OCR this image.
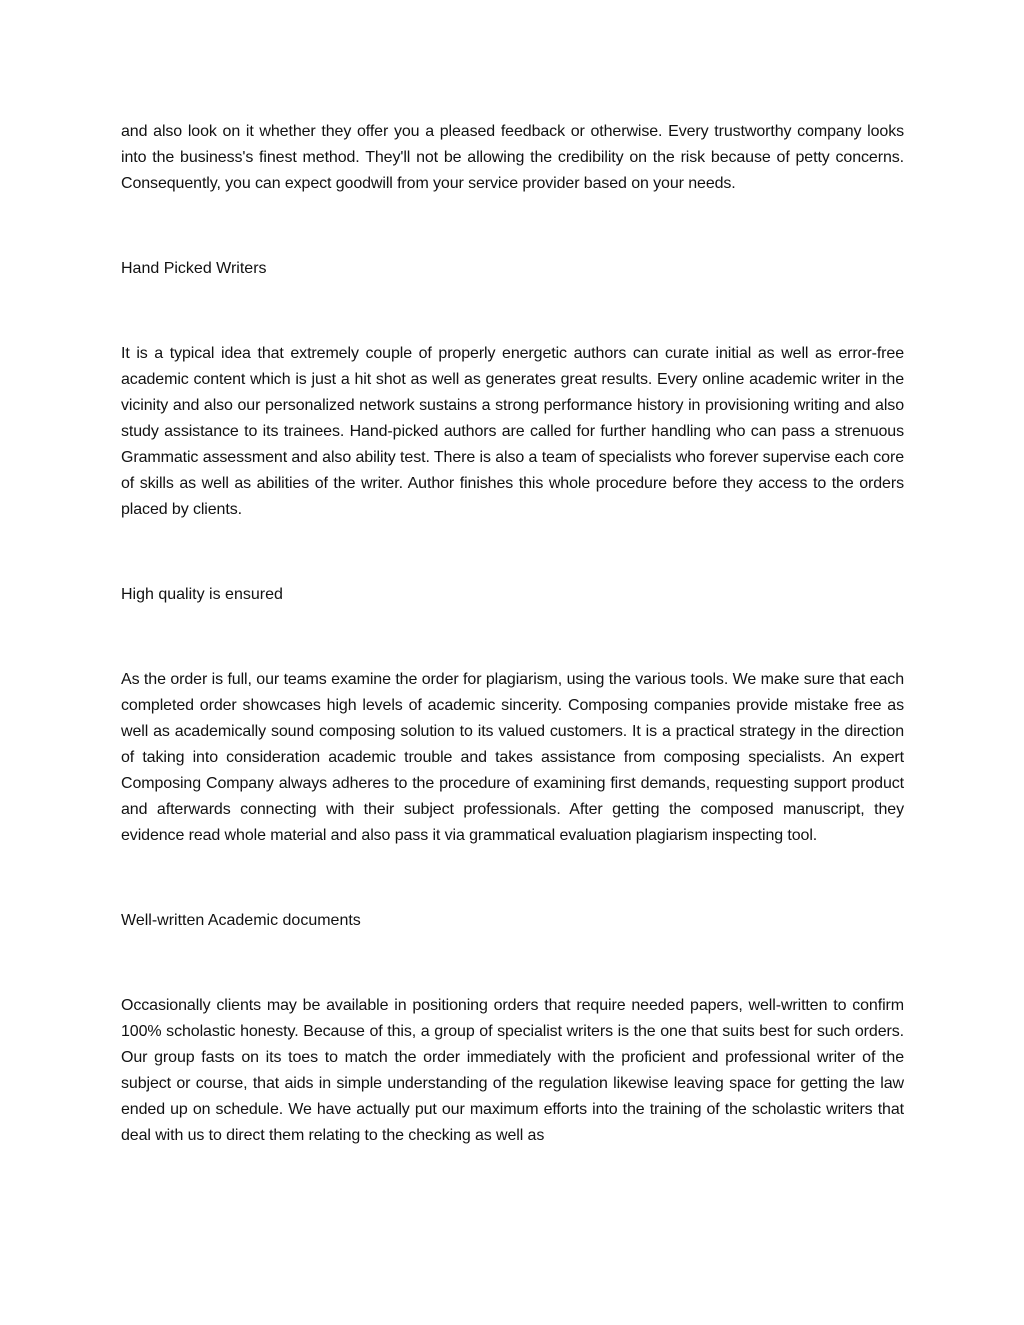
and also look on it whether they offer you a pleased feedback or otherwise. Every trustworthy company looks into the business's finest method. They'll not be allowing the credibility on the risk because of petty concerns. Consequently, you can expect goodwill from your service provider based on your needs.

Hand Picked Writers

It is a typical idea that extremely couple of properly energetic authors can curate initial as well as error-free academic content which is just a hit shot as well as generates great results. Every online academic writer in the vicinity and also our personalized network sustains a strong performance history in provisioning writing and also study assistance to its trainees. Hand-picked authors are called for further handling who can pass a strenuous Grammatic assessment and also ability test. There is also a team of specialists who forever supervise each core of skills as well as abilities of the writer. Author finishes this whole procedure before they access to the orders placed by clients.

High quality is ensured

As the order is full, our teams examine the order for plagiarism, using the various tools. We make sure that each completed order showcases high levels of academic sincerity. Composing companies provide mistake free as well as academically sound composing solution to its valued customers. It is a practical strategy in the direction of taking into consideration academic trouble and takes assistance from composing specialists. An expert Composing Company always adheres to the procedure of examining first demands, requesting support product and afterwards connecting with their subject professionals. After getting the composed manuscript, they evidence read whole material and also pass it via grammatical evaluation plagiarism inspecting tool.

Well-written Academic documents

Occasionally clients may be available in positioning orders that require needed papers, well-written to confirm 100% scholastic honesty. Because of this, a group of specialist writers is the one that suits best for such orders. Our group fasts on its toes to match the order immediately with the proficient and professional writer of the subject or course, that aids in simple understanding of the regulation likewise leaving space for getting the law ended up on schedule. We have actually put our maximum efforts into the training of the scholastic writers that deal with us to direct them relating to the checking as well as
